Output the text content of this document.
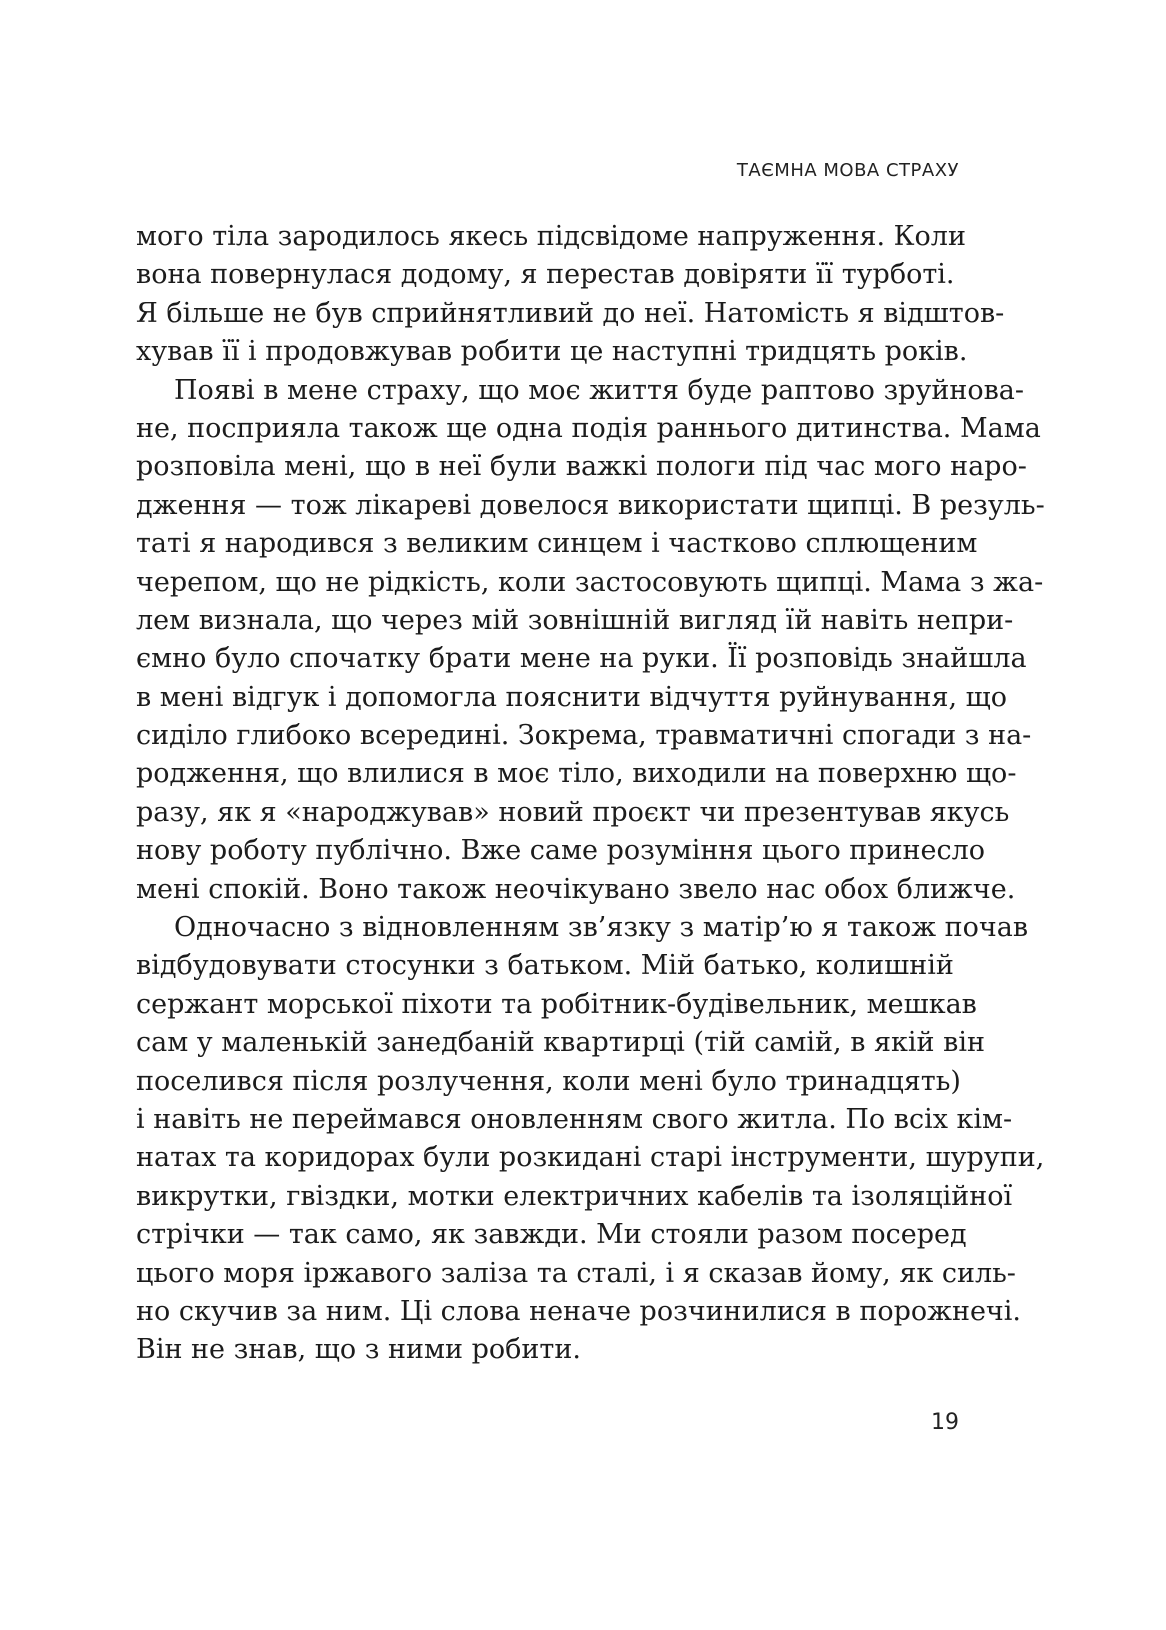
ТАЄМНА МОВА СТРАХУ
мого тіла зародилось якесь підсвідоме напруження. Коли
вона повернулася додому, я перестав довіряти її турботі.
Я більше не був сприйнятливий до неї. Натомість я відштов-
хував її і продовжував робити це наступні тридцять років.
Появі в мене страху, що моє життя буде раптово зруйнова-
не, посприяла також ще одна подія раннього дитинства. Мама
розповіла мені, що в неї були важкі пологи під час мого наро-
дження — тож лікареві довелося використати щипці. В резуль-
таті я народився з великим синцем і частково сплющеним
черепом, що не рідкість, коли застосовують щипці. Мама з жа-
лем визнала, що через мій зовнішній вигляд їй навіть непри-
ємно було спочатку брати мене на руки. Її розповідь знайшла
в мені відгук і допомогла пояснити відчуття руйнування, що
сиділо глибоко всередині. Зокрема, травматичні спогади з на-
родження, що влилися в моє тіло, виходили на поверхню що-
разу, як я «народжував» новий проєкт чи презентував якусь
нову роботу публічно. Вже саме розуміння цього принесло
мені спокій. Воно також неочікувано звело нас обох ближче.
Одночасно з відновленням зв’язку з матір’ю я також почав
відбудовувати стосунки з батьком. Мій батько, колишній
сержант морської піхоти та робітник-будівельник, мешкав
сам у маленькій занедбаній квартирці (тій самій, в якій він
поселився після розлучення, коли мені було тринадцять)
і навіть не переймався оновленням свого житла. По всіх кім-
натах та коридорах були розкидані старі інструменти, шурупи,
викрутки, гвіздки, мотки електричних кабелів та ізоляційної
стрічки — так само, як завжди. Ми стояли разом посеред
цього моря іржавого заліза та сталі, і я сказав йому, як силь-
но скучив за ним. Ці слова неначе розчинилися в порожнечі.
Він не знав, що з ними робити.
19
